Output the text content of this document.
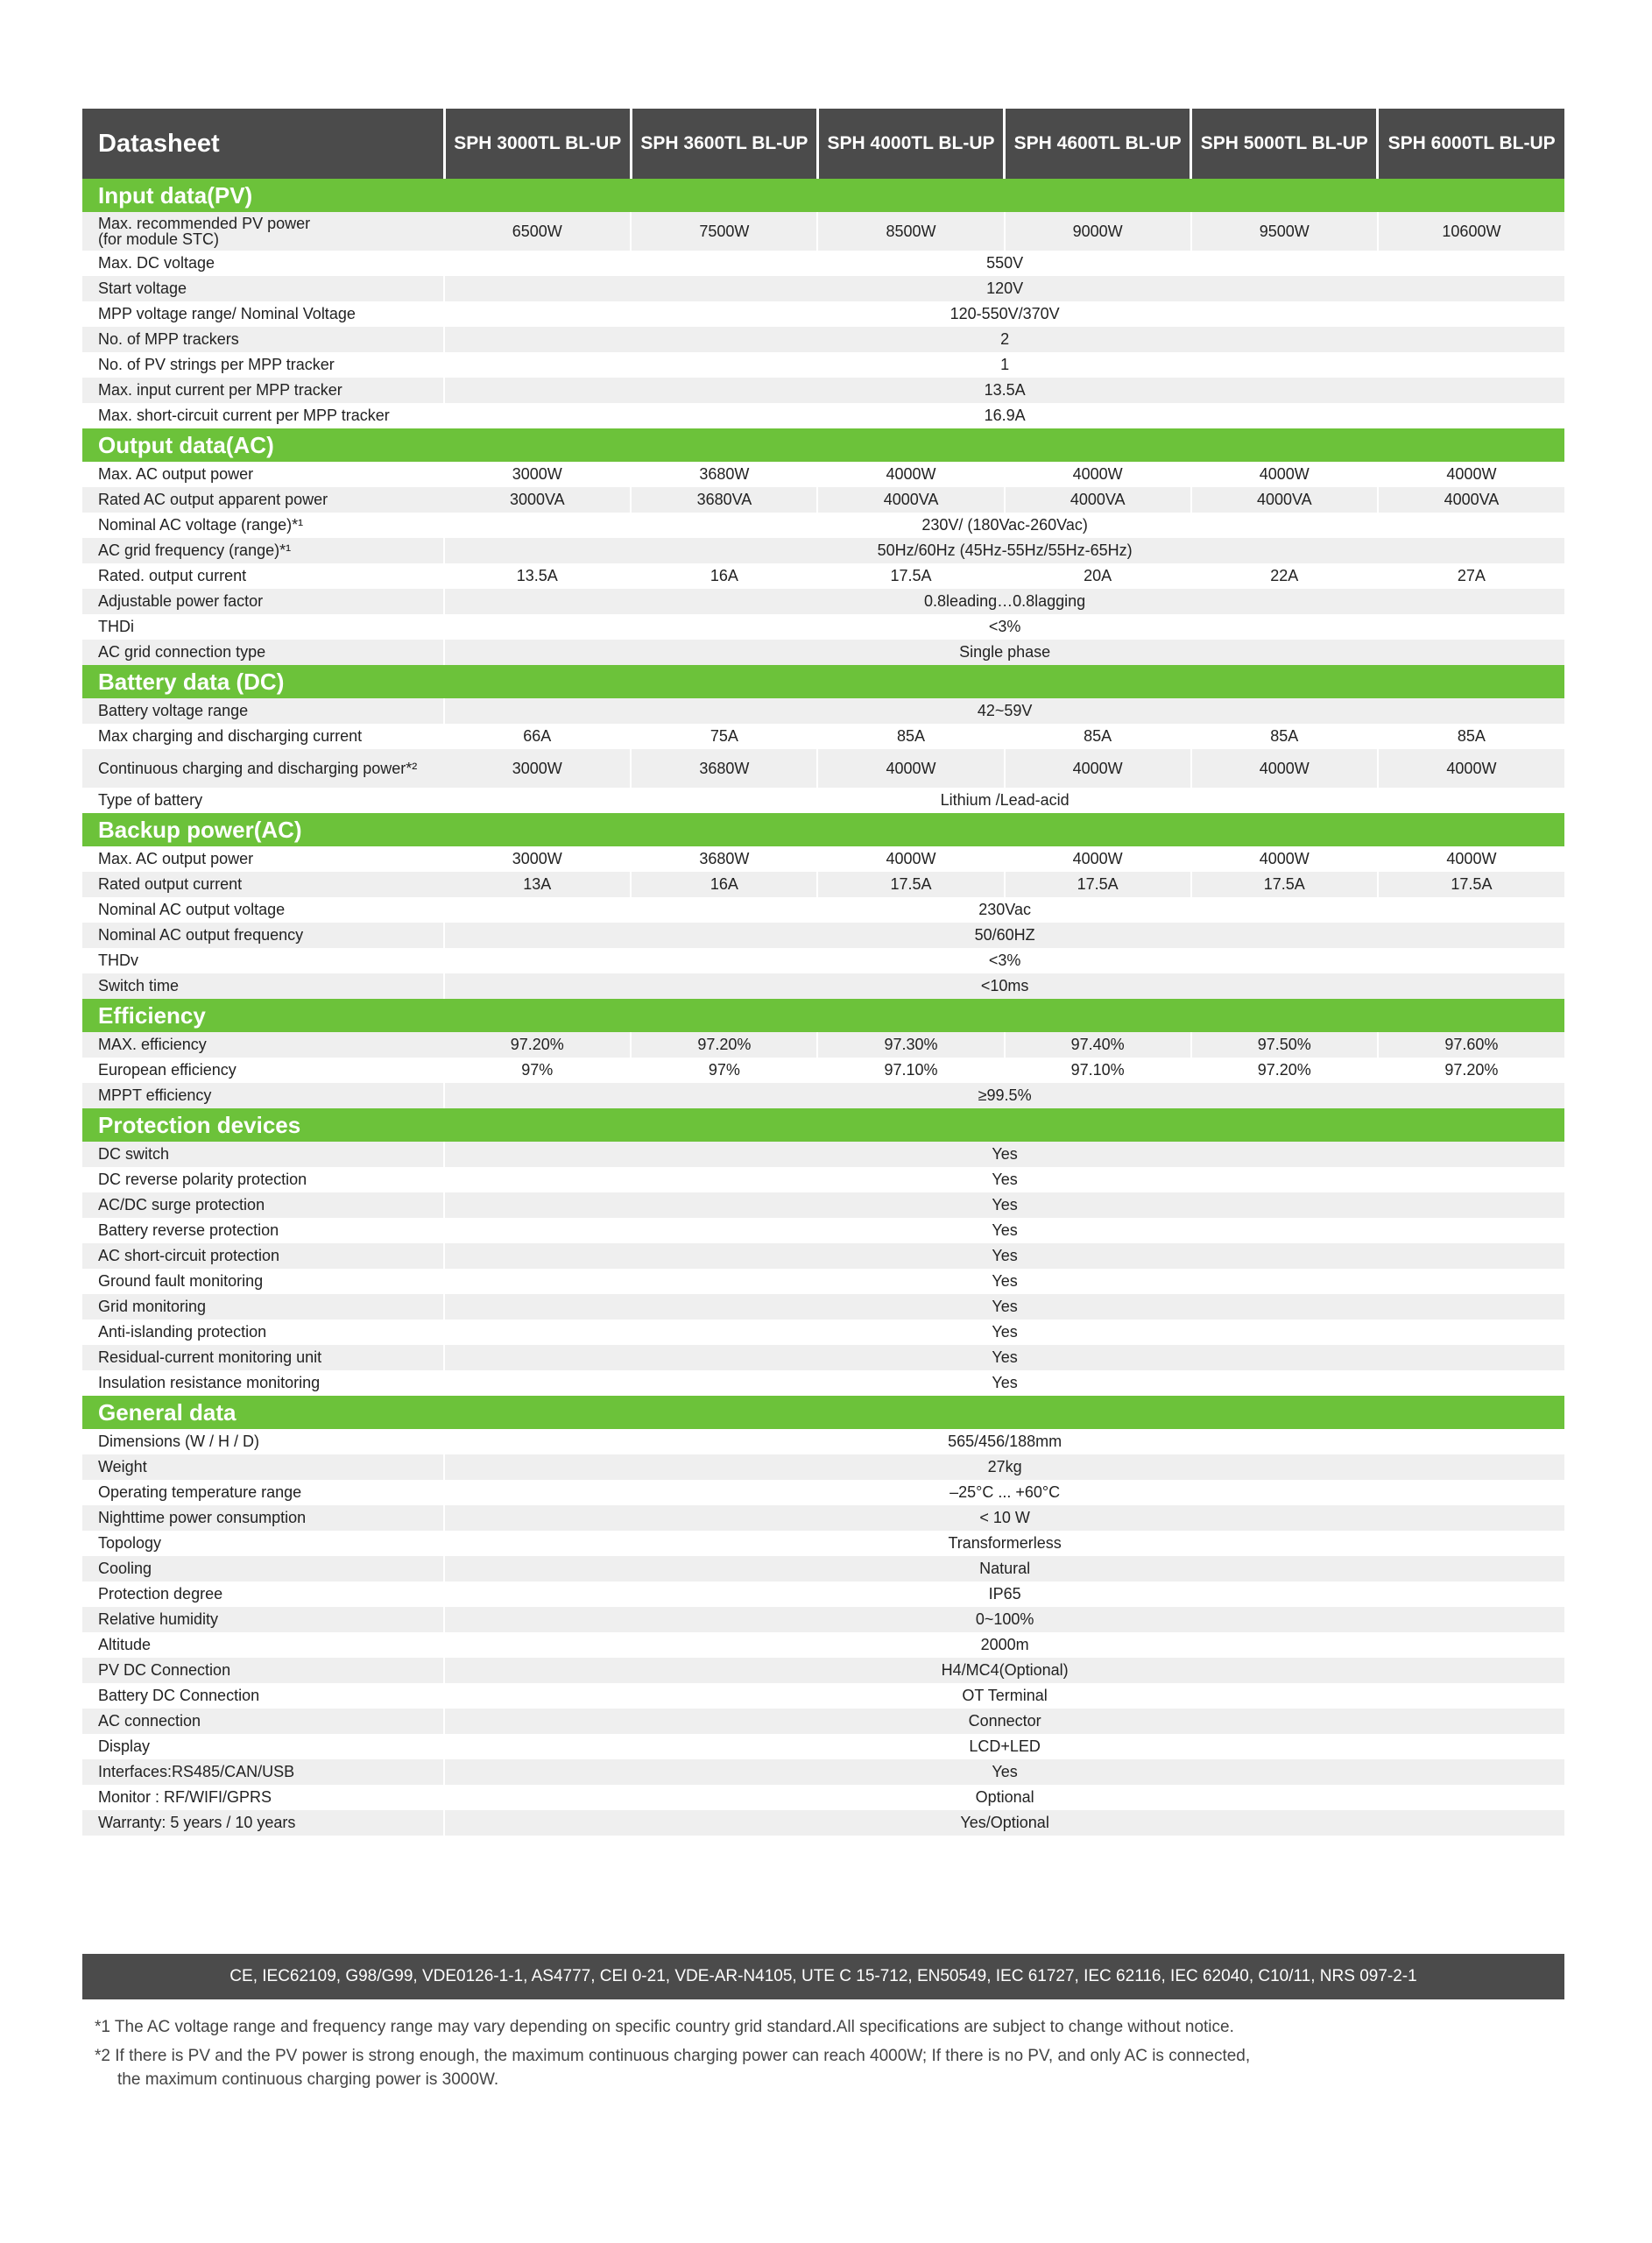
Datasheet	SPH 3000TL BL-UP	SPH 3600TL BL-UP	SPH 4000TL BL-UP	SPH 4600TL BL-UP	SPH 5000TL BL-UP	SPH 6000TL BL-UP
Input data(PV)						
Max. recommended PV power
(for module STC)	6500W	7500W	8500W	9000W	9500W	10600W
Max. DC voltage	550V					
Start voltage	120V					
MPP voltage range/ Nominal Voltage	120-550V/370V					
No. of MPP trackers	2					
No. of PV strings per MPP tracker	1					
Max. input current per MPP tracker	13.5A					
Max. short-circuit current per MPP tracker	16.9A					
Output data(AC)						
Max. AC output power	3000W	3680W	4000W	4000W	4000W	4000W
Rated AC output apparent power	3000VA	3680VA	4000VA	4000VA	4000VA	4000VA
Nominal AC voltage (range)*¹	230V/ (180Vac-260Vac)					
AC grid frequency (range)*¹	50Hz/60Hz (45Hz-55Hz/55Hz-65Hz)					
Rated. output current	13.5A	16A	17.5A	20A	22A	27A
Adjustable power factor	0.8leading…0.8lagging					
THDi	<3%					
AC grid connection type	Single phase					
Battery data (DC)						
Battery voltage range	42~59V					
Max charging and discharging current	66A	75A	85A	85A	85A	85A
Continuous charging and discharging power*²	3000W	3680W	4000W	4000W	4000W	4000W
Type of battery	Lithium /Lead-acid					
Backup power(AC)						
Max. AC output power	3000W	3680W	4000W	4000W	4000W	4000W
Rated output current	13A	16A	17.5A	17.5A	17.5A	17.5A
Nominal AC output voltage	230Vac					
Nominal AC output frequency	50/60HZ					
THDv	<3%					
Switch time	<10ms					
Efficiency						
MAX. efficiency	97.20%	97.20%	97.30%	97.40%	97.50%	97.60%
European efficiency	97%	97%	97.10%	97.10%	97.20%	97.20%
MPPT efficiency	≥99.5%					
Protection devices						
DC switch	Yes					
DC reverse polarity protection	Yes					
AC/DC surge protection	Yes					
Battery reverse protection	Yes					
AC short-circuit protection	Yes					
Ground fault monitoring	Yes					
Grid monitoring	Yes					
Anti-islanding protection	Yes					
Residual-current monitoring unit	Yes					
Insulation resistance monitoring	Yes					
General data						
Dimensions (W / H / D)	565/456/188mm					
Weight	27kg					
Operating temperature range	–25°C ... +60°C					
Nighttime power consumption	< 10 W					
Topology	Transformerless					
Cooling	Natural					
Protection degree	IP65					
Relative humidity	0~100%					
Altitude	2000m					
PV DC Connection	H4/MC4(Optional)					
Battery DC Connection	OT Terminal					
AC connection	Connector					
Display	LCD+LED					
Interfaces:RS485/CAN/USB	Yes					
Monitor : RF/WIFI/GPRS	Optional					
Warranty: 5 years / 10 years	Yes/Optional					
CE, IEC62109, G98/G99, VDE0126-1-1, AS4777, CEI 0-21, VDE-AR-N4105, UTE C 15-712, EN50549, IEC 61727, IEC 62116, IEC 62040, C10/11, NRS 097-2-1

*1 The AC voltage range and frequency range may vary depending on specific country grid standard.All specifications are subject to change without notice.

*2 If there is PV and the PV power is strong enough, the maximum continuous charging power can reach 4000W; If there is no PV, and only AC is connected,
the maximum continuous charging power is 3000W.
